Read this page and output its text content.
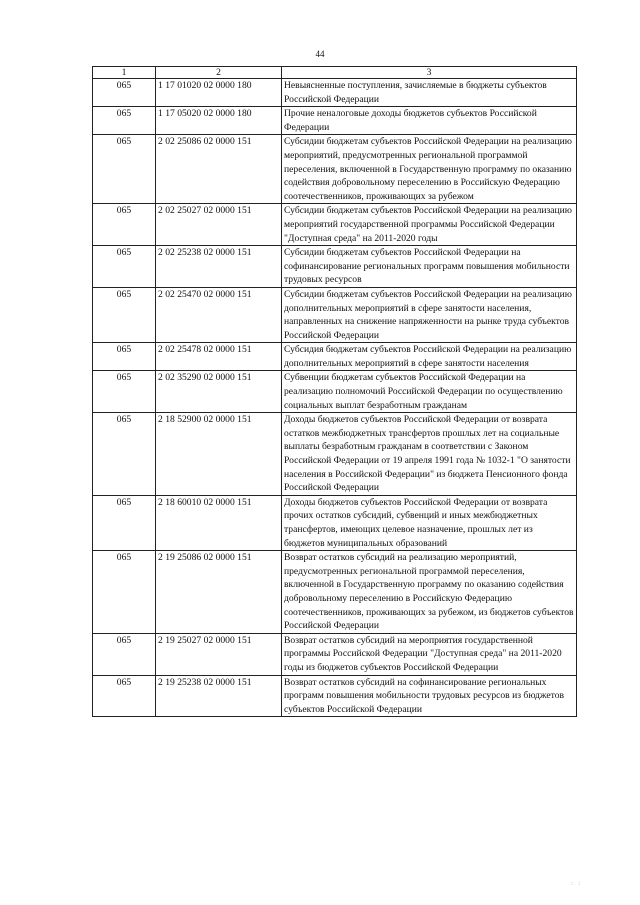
44
1	2	3
065	1 17 01020 02 0000 180	Невыясненные поступления, зачисляемые в бюджеты субъектов Российской Федерации
065	1 17 05020 02 0000 180	Прочие неналоговые доходы бюджетов субъектов Российской Федерации
065	2 02 25086 02 0000 151	Субсидии бюджетам субъектов Российской Федерации на реализацию мероприятий, предусмотренных региональной программой переселения, включенной в Государственную программу по оказанию содействия добровольному переселению в Российскую Федерацию соотечественников, проживающих за рубежом
065	2 02 25027 02 0000 151	Субсидии бюджетам субъектов Российской Федерации на реализацию мероприятий государственной программы Российской Федерации "Доступная среда" на 2011-2020 годы
065	2 02 25238 02 0000 151	Субсидии бюджетам субъектов Российской Федерации на софинансирование региональных программ повышения мобильности трудовых ресурсов
065	2 02 25470 02 0000 151	Субсидии бюджетам субъектов Российской Федерации на реализацию дополнительных мероприятий в сфере занятости населения, направленных на снижение напряженности на рынке труда субъектов Российской Федерации
065	2 02 25478 02 0000 151	Субсидия бюджетам субъектов Российской Федерации на реализацию дополнительных мероприятий в сфере занятости населения
065	2 02 35290 02 0000 151	Субвенции бюджетам субъектов Российской Федерации на реализацию полномочий Российской Федерации по осуществлению социальных выплат безработным гражданам
065	2 18 52900 02 0000 151	Доходы бюджетов субъектов Российской Федерации от возврата остатков межбюджетных трансфертов прошлых лет на социальные выплаты безработным гражданам в соответствии с Законом Российской Федерации от 19 апреля 1991 года № 1032-1 "О занятости населения в Российской Федерации" из бюджета Пенсионного фонда Российской Федерации
065	2 18 60010 02 0000 151	Доходы бюджетов субъектов Российской Федерации от возврата прочих остатков субсидий, субвенций и иных межбюджетных трансфертов, имеющих целевое назначение, прошлых лет из бюджетов муниципальных образований
065	2 19 25086 02 0000 151	Возврат остатков субсидий на реализацию мероприятий, предусмотренных региональной программой переселения, включенной в Государственную программу по оказанию содействия добровольному переселению в Российскую Федерацию соотечественников, проживающих за рубежом, из бюджетов субъектов Российской Федерации
065	2 19 25027 02 0000 151	Возврат остатков субсидий на мероприятия государственной программы Российской Федерации "Доступная среда" на 2011-2020 годы из бюджетов субъектов Российской Федерации
065	2 19 25238 02 0000 151	Возврат остатков субсидий на софинансирование региональных программ повышения мобильности трудовых ресурсов из бюджетов субъектов Российской Федерации
: :
